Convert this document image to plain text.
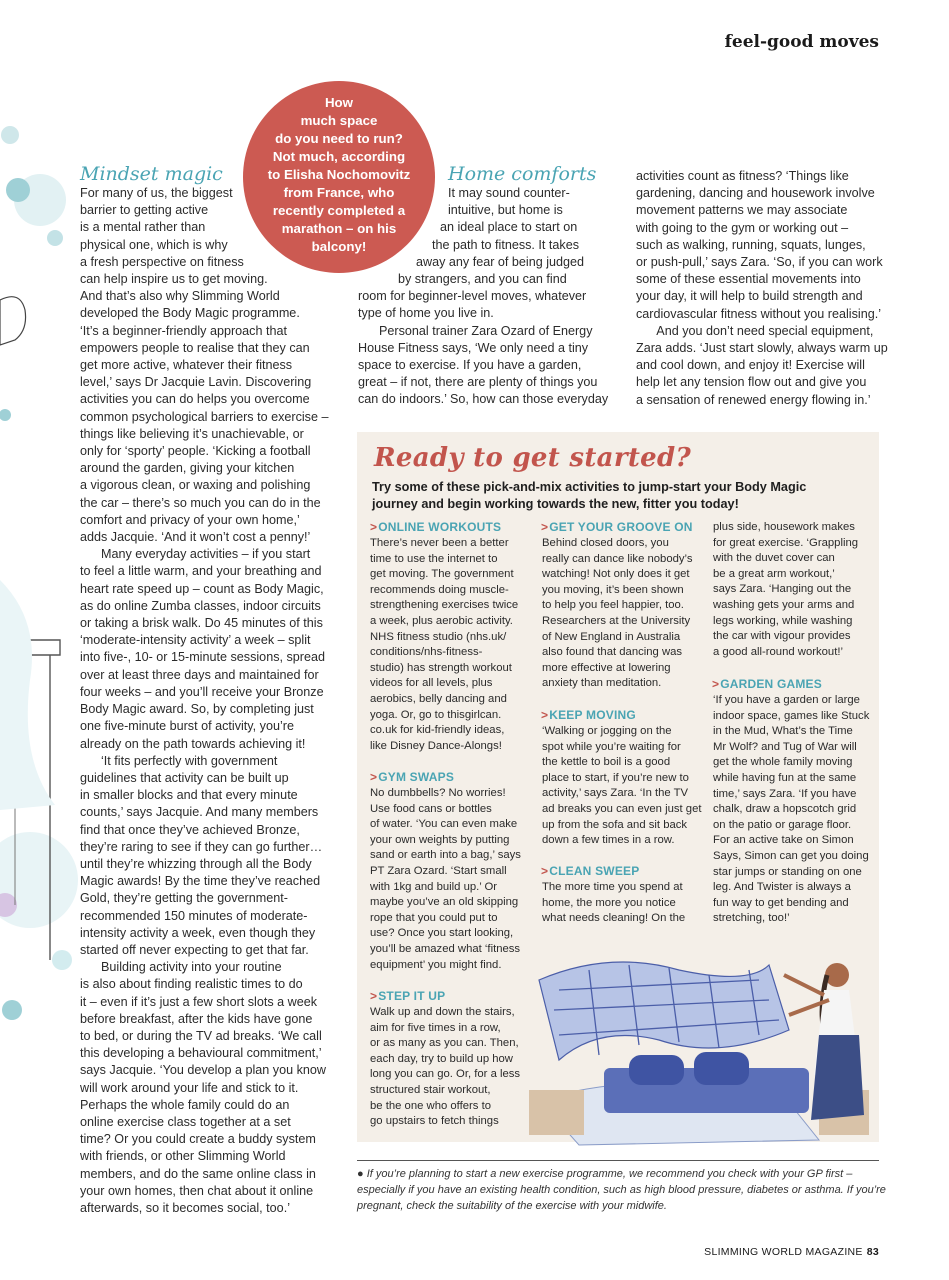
feel-good moves
How
much space
do you need to run?
Not much, according
to Elisha Nochomovitz
from France, who
recently completed a
marathon – on his
balcony!
Mindset magic
For many of us, the biggest
barrier to getting active
is a mental rather than
physical one, which is why
a fresh perspective on fitness
can help inspire us to get moving.
And that’s also why Slimming World
developed the Body Magic programme.
‘It’s a beginner-friendly approach that
empowers people to realise that they can
get more active, whatever their fitness
level,’ says Dr Jacquie Lavin. Discovering
activities you can do helps you overcome
common psychological barriers to exercise –
things like believing it’s unachievable, or
only for ‘sporty’ people. ‘Kicking a football
around the garden, giving your kitchen
a vigorous clean, or waxing and polishing
the car – there’s so much you can do in the
comfort and privacy of your own home,’
adds Jacquie. ‘And it won’t cost a penny!’
Many everyday activities – if you start
to feel a little warm, and your breathing and
heart rate speed up – count as Body Magic,
as do online Zumba classes, indoor circuits
or taking a brisk walk. Do 45 minutes of this
‘moderate-intensity activity’ a week – split
into five-, 10- or 15-minute sessions, spread
over at least three days and maintained for
four weeks – and you’ll receive your Bronze
Body Magic award. So, by completing just
one five-minute burst of activity, you’re
already on the path towards achieving it!
‘It fits perfectly with government
guidelines that activity can be built up
in smaller blocks and that every minute
counts,’ says Jacquie. And many members
find that once they’ve achieved Bronze,
they’re raring to see if they can go further…
until they’re whizzing through all the Body
Magic awards! By the time they’ve reached
Gold, they’re getting the government-
recommended 150 minutes of moderate-
intensity activity a week, even though they
started off never expecting to get that far.
Building activity into your routine
is also about finding realistic times to do
it – even if it’s just a few short slots a week
before breakfast, after the kids have gone
to bed, or during the TV ad breaks. ‘We call
this developing a behavioural commitment,’
says Jacquie. ‘You develop a plan you know
will work around your life and stick to it.
Perhaps the whole family could do an
online exercise class together at a set
time? Or you could create a buddy system
with friends, or other Slimming World
members, and do the same online class in
your own homes, then chat about it online
afterwards, so it becomes social, too.’
Home comforts
It may sound counter-
intuitive, but home is
an ideal place to start on
the path to fitness. It takes
away any fear of being judged
by strangers, and you can find
room for beginner-level moves, whatever
type of home you live in.
Personal trainer Zara Ozard of Energy
House Fitness says, ‘We only need a tiny
space to exercise. If you have a garden,
great – if not, there are plenty of things you
can do indoors.’ So, how can those everyday
activities count as fitness? ‘Things like
gardening, dancing and housework involve
movement patterns we may associate
with going to the gym or working out –
such as walking, running, squats, lunges,
or push-pull,’ says Zara. ‘So, if you can work
some of these essential movements into
your day, it will help to build strength and
cardiovascular fitness without you realising.’
And you don’t need special equipment,
Zara adds. ‘Just start slowly, always warm up
and cool down, and enjoy it! Exercise will
help let any tension flow out and give you
a sensation of renewed energy flowing in.’
Ready to get started?
Try some of these pick-and-mix activities to jump-start your Body Magic
journey and begin working towards the new, fitter you today!
>ONLINE WORKOUTS
There’s never been a better
time to use the internet to
get moving. The government
recommends doing muscle-
strengthening exercises twice
a week, plus aerobic activity.
NHS fitness studio (nhs.uk/
conditions/nhs-fitness-
studio) has strength workout
videos for all levels, plus
aerobics, belly dancing and
yoga. Or, go to thisgirlcan.
co.uk for kid-friendly ideas,
like Disney Dance-Alongs!
>GYM SWAPS
No dumbbells? No worries!
Use food cans or bottles
of water. ‘You can even make
your own weights by putting
sand or earth into a bag,’ says
PT Zara Ozard. ‘Start small
with 1kg and build up.’ Or
maybe you’ve an old skipping
rope that you could put to
use? Once you start looking,
you’ll be amazed what ‘fitness
equipment’ you might find.
>STEP IT UP
Walk up and down the stairs,
aim for five times in a row,
or as many as you can. Then,
each day, try to build up how
long you can go. Or, for a less
structured stair workout,
be the one who offers to
go upstairs to fetch things
>GET YOUR GROOVE ON
Behind closed doors, you
really can dance like nobody’s
watching! Not only does it get
you moving, it’s been shown
to help you feel happier, too.
Researchers at the University
of New England in Australia
also found that dancing was
more effective at lowering
anxiety than meditation.
>KEEP MOVING
‘Walking or jogging on the
spot while you’re waiting for
the kettle to boil is a good
place to start, if you’re new to
activity,’ says Zara. ‘In the TV
ad breaks you can even just get
up from the sofa and sit back
down a few times in a row.
>CLEAN SWEEP
The more time you spend at
home, the more you notice
what needs cleaning! On the
plus side, housework makes
for great exercise. ‘Grappling
with the duvet cover can
be a great arm workout,’
says Zara. ‘Hanging out the
washing gets your arms and
legs working, while washing
the car with vigour provides
a good all-round workout!’
>GARDEN GAMES
‘If you have a garden or large
indoor space, games like Stuck
in the Mud, What’s the Time
Mr Wolf? and Tug of War will
get the whole family moving
while having fun at the same
time,’ says Zara. ‘If you have
chalk, draw a hopscotch grid
on the patio or garage floor.
For an active take on Simon
Says, Simon can get you doing
star jumps or standing on one
leg. And Twister is always a
fun way to get bending and
stretching, too!’
● If you’re planning to start a new exercise programme, we recommend you check with your GP first –
especially if you have an existing health condition, such as high blood pressure, diabetes or asthma. If you’re
pregnant, check the suitability of the exercise with your midwife.
SLIMMING WORLD MAGAZINE 83
